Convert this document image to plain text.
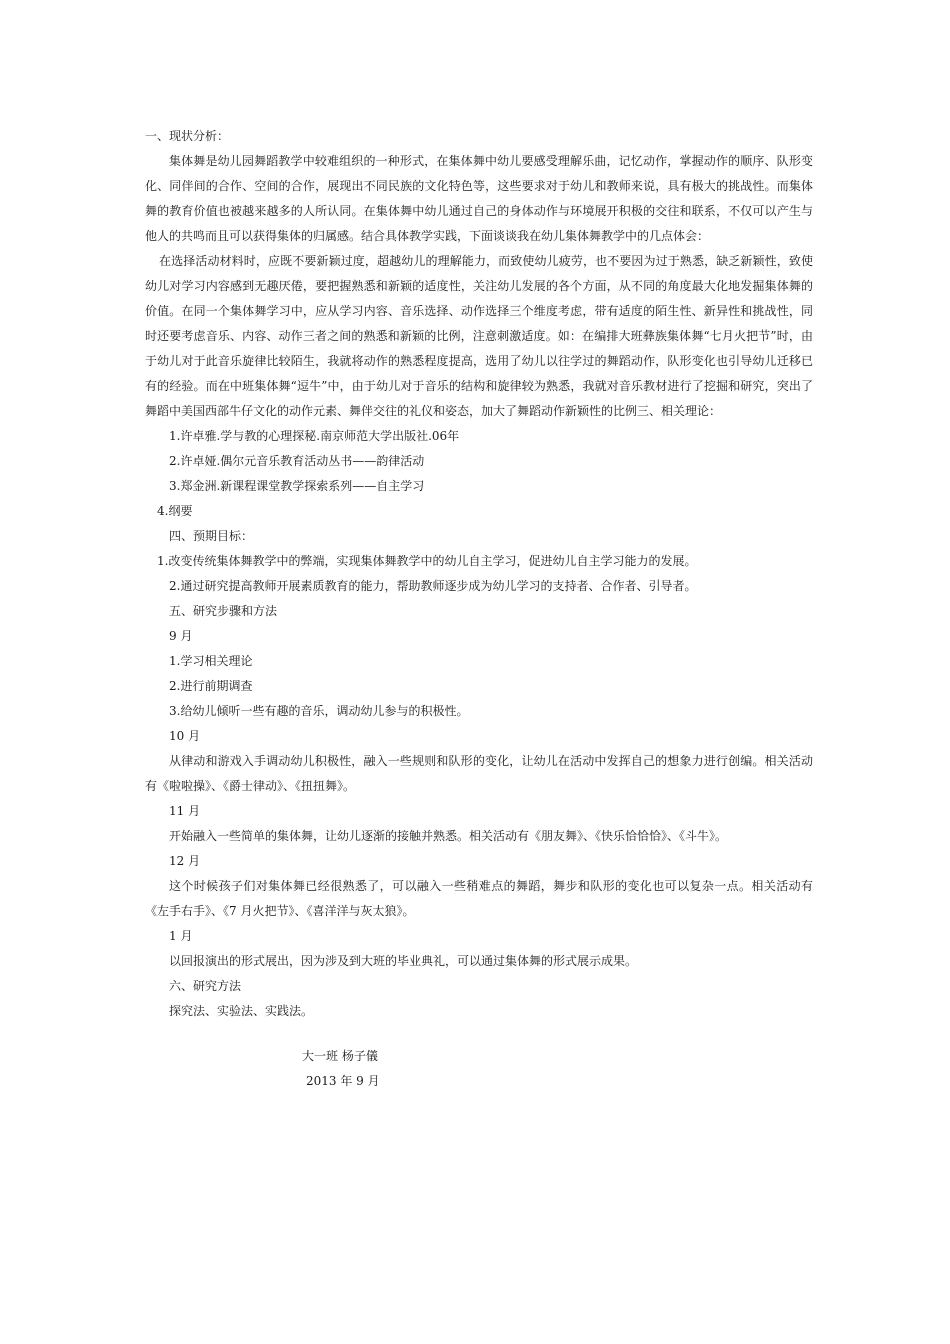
一、现状分析：

集体舞是幼儿园舞蹈教学中较难组织的一种形式，在集体舞中幼儿要感受理解乐曲，记忆动作，掌握动作的顺序、队形变化、同伴间的合作、空间的合作，展现出不同民族的文化特色等，这些要求对于幼儿和教师来说，具有极大的挑战性。而集体舞的教育价值也被越来越多的人所认同。在集体舞中幼儿通过自己的身体动作与环境展开积极的交往和联系，不仅可以产生与他人的共鸣而且可以获得集体的归属感。结合具体教学实践，下面谈谈我在幼儿集体舞教学中的几点体会：

在选择活动材料时，应既不要新颖过度，超越幼儿的理解能力，而致使幼儿疲劳，也不要因为过于熟悉，缺乏新颖性，致使幼儿对学习内容感到无趣厌倦，要把握熟悉和新颖的适度性，关注幼儿发展的各个方面，从不同的角度最大化地发掘集体舞的价值。在同一个集体舞学习中，应从学习内容、音乐选择、动作选择三个维度考虑，带有适度的陌生性、新异性和挑战性，同时还要考虑音乐、内容、动作三者之间的熟悉和新颖的比例，注意刺激适度。如：在编排大班彝族集体舞“七月火把节”时，由于幼儿对于此音乐旋律比较陌生，我就将动作的熟悉程度提高，选用了幼儿以往学过的舞蹈动作，队形变化也引导幼儿迁移已有的经验。而在中班集体舞“逗牛”中，由于幼儿对于音乐的结构和旋律较为熟悉，我就对音乐教材进行了挖掘和研究，突出了舞蹈中美国西部牛仔文化的动作元素、舞伴交往的礼仪和姿态，加大了舞蹈动作新颖性的比例三、相关理论：

1.许卓雅.学与教的心理探秘.南京师范大学出版社.06年

2.许卓娅.偶尔元音乐教育活动丛书——韵律活动

3.郑金洲.新课程课堂教学探索系列——自主学习

4.纲要

四、预期目标：

1.改变传统集体舞教学中的弊端，实现集体舞教学中的幼儿自主学习，促进幼儿自主学习能力的发展。

2.通过研究提高教师开展素质教育的能力，帮助教师逐步成为幼儿学习的支持者、合作者、引导者。

五、研究步骤和方法

9 月

1.学习相关理论

2.进行前期调查

3.给幼儿倾听一些有趣的音乐，调动幼儿参与的积极性。

10 月

从律动和游戏入手调动幼儿积极性，融入一些规则和队形的变化，让幼儿在活动中发挥自己的想象力进行创编。相关活动有《啦啦操》、《爵士律动》、《扭扭舞》。

11 月

开始融入一些简单的集体舞，让幼儿逐渐的接触并熟悉。相关活动有《朋友舞》、《快乐恰恰恰》、《斗牛》。

12 月

这个时候孩子们对集体舞已经很熟悉了，可以融入一些稍难点的舞蹈，舞步和队形的变化也可以复杂一点。相关活动有《左手右手》、《7 月火把节》、《喜洋洋与灰太狼》。

1 月

以回报演出的形式展出，因为涉及到大班的毕业典礼，可以通过集体舞的形式展示成果。

六、研究方法

探究法、实验法、实践法。

大一班 杨子儀
2013 年 9 月
